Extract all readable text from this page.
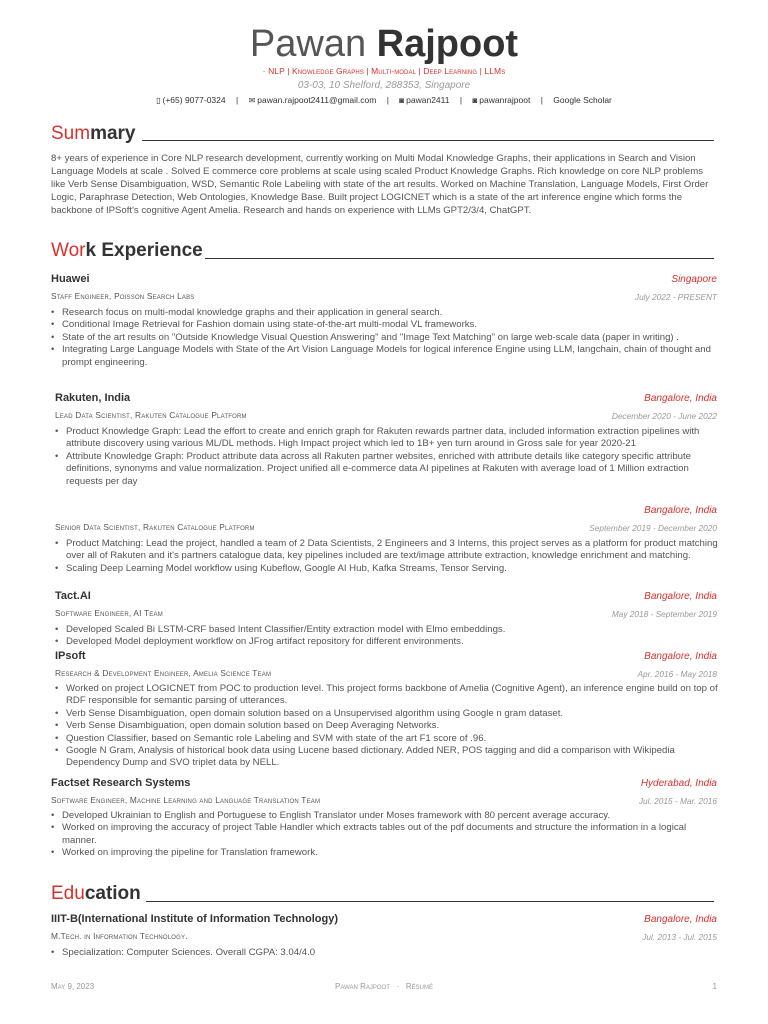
Pawan Rajpoot
· NLP | Knowledge Graphs | Multi-modal | Deep Learning | LLMs
03-03, 10 Shelford, 288353, Singapore
▯ (+65) 9077-0324 | ✉ pawan.rajpoot2411@gmail.com | ◙ pawan2411 | ◙ pawanrajpoot | Google Scholar
Summary
8+ years of experience in Core NLP research development, currently working on Multi Modal Knowledge Graphs, their applications in Search and Vision Language Models at scale . Solved E commerce core problems at scale using scaled Product Knowledge Graphs. Rich knowledge on core NLP problems like Verb Sense Disambiguation, WSD, Semantic Role Labeling with state of the art results. Worked on Machine Translation, Language Models, First Order Logic, Paraphrase Detection, Web Ontologies, Knowledge Base. Built project LOGICNET which is a state of the art inference engine which forms the backbone of IPSoft's cognitive Agent Amelia. Research and hands on experience with LLMs GPT2/3/4, ChatGPT.
Work Experience
Huawei	Singapore
Staff Engineer, Poisson Search Labs	July 2022 - PRESENT
• Research focus on multi-modal knowledge graphs and their application in general search.
• Conditional Image Retrieval for Fashion domain using state-of-the-art multi-modal VL frameworks.
• State of the art results on "Outside Knowledge Visual Question Answering" and "Image Text Matching" on large web-scale data (paper in writing) .
• Integrating Large Language Models with State of the Art Vision Language Models for logical inference Engine using LLM, langchain, chain of thought and prompt engineering.
Rakuten, India	Bangalore, India
Lead Data Scientist, Rakuten Catalogue Platform	December 2020 - June 2022
• Product Knowledge Graph: Lead the effort to create and enrich graph for Rakuten rewards partner data, included information extraction pipelines with attribute discovery using various ML/DL methods. High Impact project which led to 1B+ yen turn around in Gross sale for year 2020-21
• Attribute Knowledge Graph: Product attribute data across all Rakuten partner websites, enriched with attribute details like category specific attribute definitions, synonyms and value normalization. Project unified all e-commerce data AI pipelines at Rakuten with average load of 1 Million extraction requests per day
Bangalore, India
Senior Data Scientist, Rakuten Catalogue Platform	September 2019 - December 2020
• Product Matching: Lead the project, handled a team of 2 Data Scientists, 2 Engineers and 3 Interns, this project serves as a platform for product matching over all of Rakuten and it's partners catalogue data, key pipelines included are text/image attribute extraction, knowledge enrichment and matching.
• Scaling Deep Learning Model workflow using Kubeflow, Google AI Hub, Kafka Streams, Tensor Serving.
Tact.AI	Bangalore, India
Software Engineer, AI Team	May 2018 - September 2019
• Developed Scaled Bi LSTM-CRF based Intent Classifier/Entity extraction model with Elmo embeddings.
• Developed Model deployment workflow on JFrog artifact repository for different environments.
IPsoft	Bangalore, India
Research & Development Engineer, Amelia Science Team	Apr. 2016 - May 2018
• Worked on project LOGICNET from POC to production level. This project forms backbone of Amelia (Cognitive Agent), an inference engine build on top of RDF responsible for semantic parsing of utterances.
• Verb Sense Disambiguation, open domain solution based on a Unsupervised algorithm using Google n gram dataset.
• Verb Sense Disambiguation, open domain solution based on Deep Averaging Networks.
• Question Classifier, based on Semantic role Labeling and SVM with state of the art F1 score of .96.
• Google N Gram, Analysis of historical book data using Lucene based dictionary. Added NER, POS tagging and did a comparison with Wikipedia Dependency Dump and SVO triplet data by NELL.
Factset Research Systems	Hyderabad, India
Software Engineer, Machine Learning and Language Translation Team	Jul. 2015 - Mar. 2016
• Developed Ukrainian to English and Portuguese to English Translator under Moses framework with 80 percent average accuracy.
• Worked on improving the accuracy of project Table Handler which extracts tables out of the pdf documents and structure the information in a logical manner.
• Worked on improving the pipeline for Translation framework.
Education
IIIT-B(International Institute of Information Technology)	Bangalore, India
M.Tech. in Information Technology.	Jul. 2013 - Jul. 2015
• Specialization: Computer Sciences. Overall CGPA: 3.04/4.0
May 9, 2023	Pawan Rajpoot   ·   Résumé	1
